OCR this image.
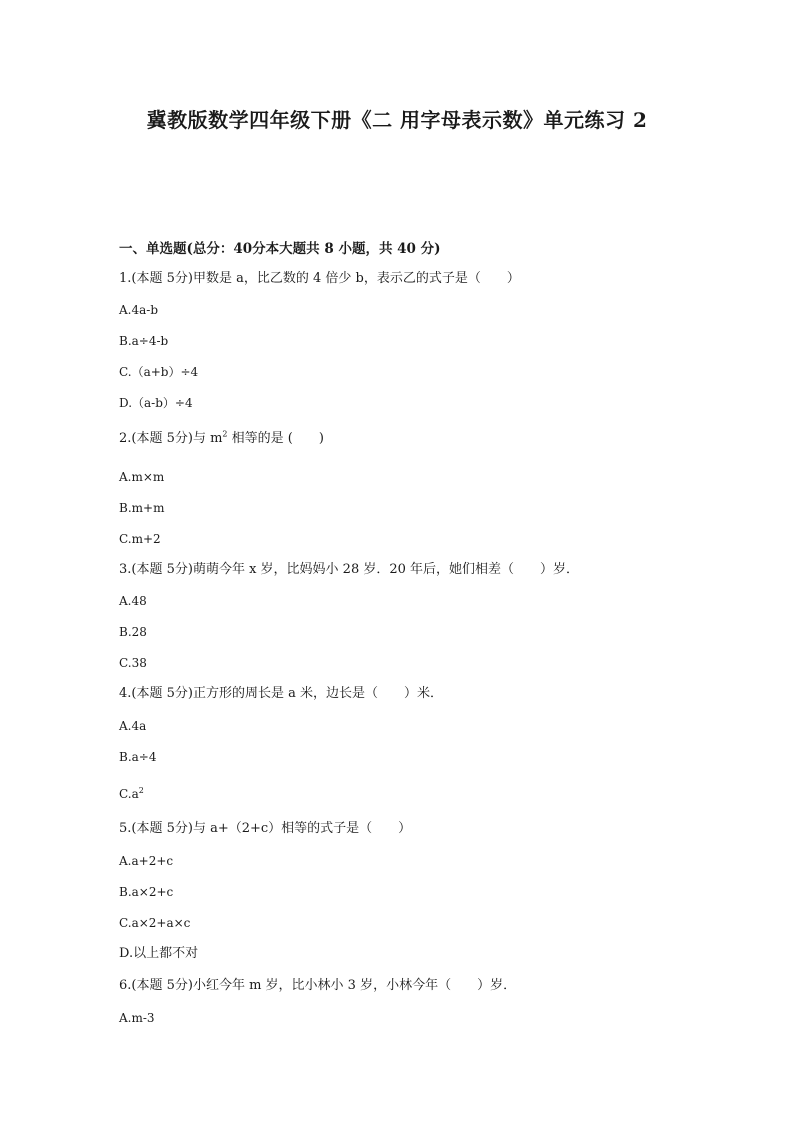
冀教版数学四年级下册《二 用字母表示数》单元练习 2
一、单选题(总分：40分本大题共 8 小题，共 40 分)
1.(本题 5分)甲数是 a，比乙数的 4 倍少 b，表示乙的式子是（　　）
A.4a-b
B.a÷4-b
C.（a+b）÷4
D.（a-b）÷4
2.(本题 5分)与 $m^2$ 相等的是 (　　)
A.m×m
B.m+m
C.m+2
3.(本题 5分)萌萌今年 x 岁，比妈妈小 28 岁．20 年后，她们相差（　　）岁．
A.48
B.28
C.38
4.(本题 5分)正方形的周长是 a 米，边长是（　　）米．
A.4a
B.a÷4
$C.a^2$
5.(本题 5分)与 a+（2+c）相等的式子是（　　）
A.a+2+c
B.a×2+c
C.a×2+a×c
D.以上都不对
6.(本题 5分)小红今年 m 岁，比小林小 3 岁，小林今年（　　）岁．
A.m-3
